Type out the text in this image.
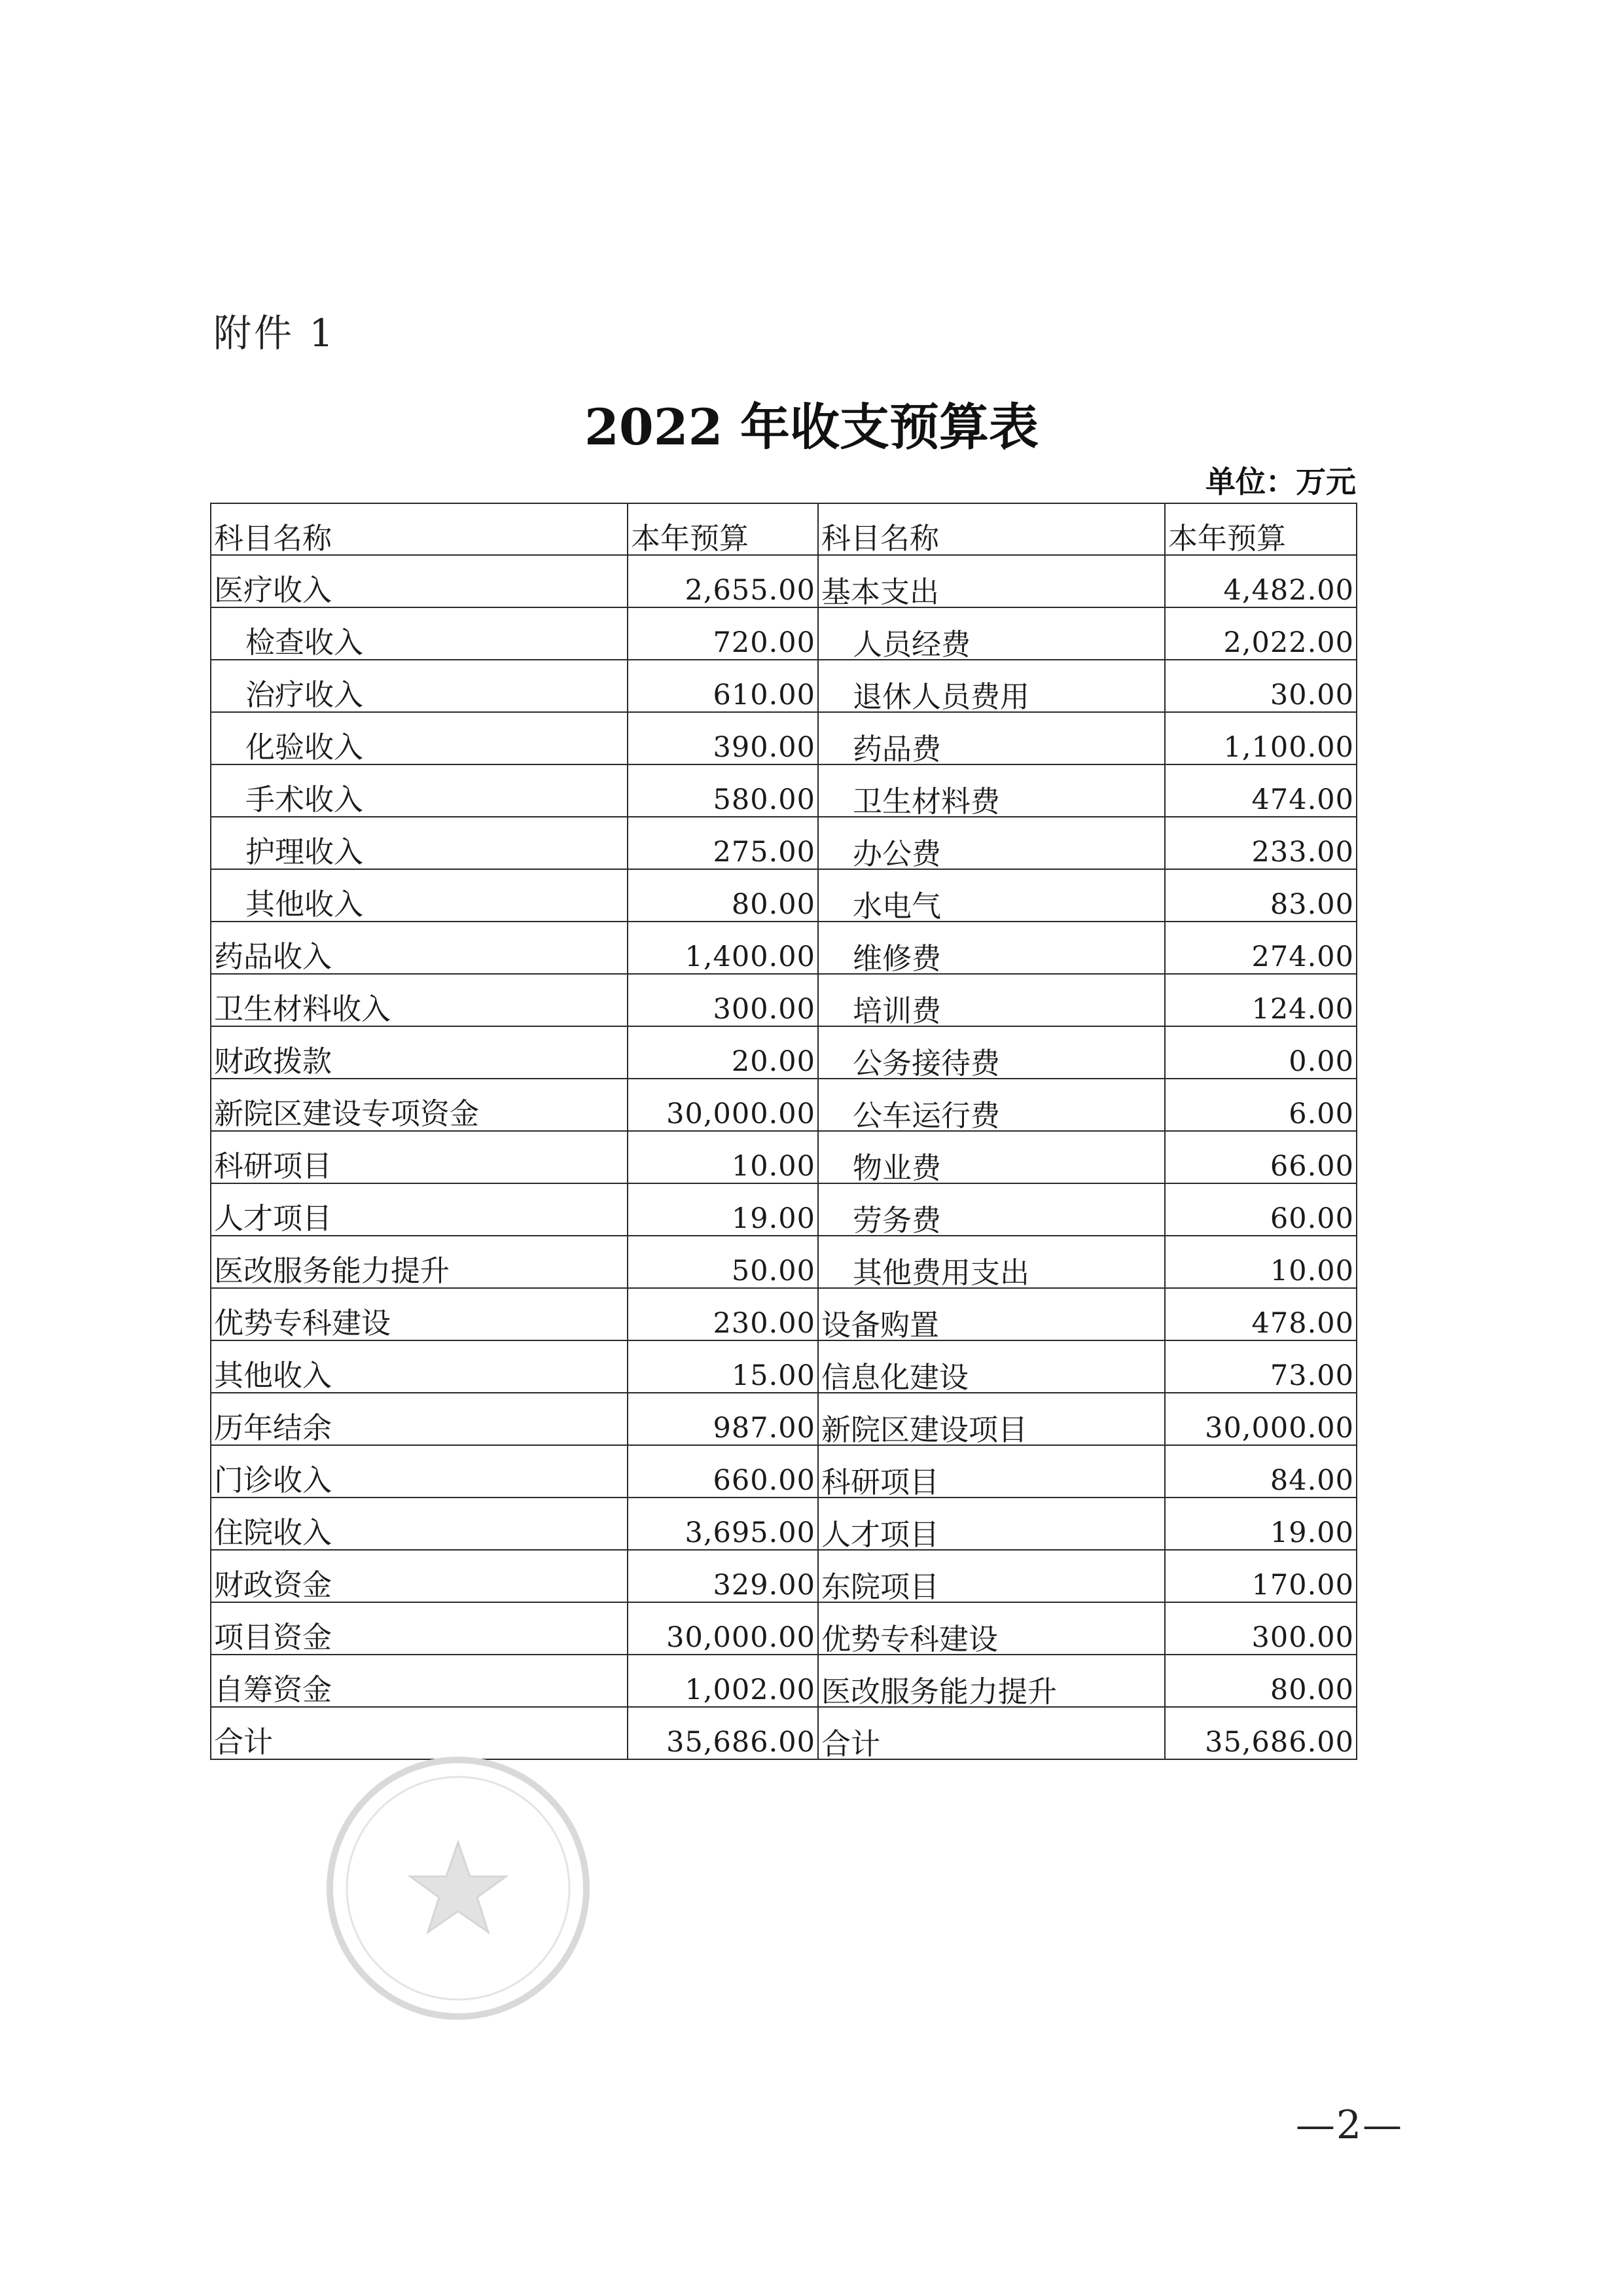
附件 1
2022 年收支预算表
单位：万元
科目名称	本年预算	科目名称	本年预算
医疗收入	2,655.00	基本支出	4,482.00
检查收入	720.00	人员经费	2,022.00
治疗收入	610.00	退休人员费用	30.00
化验收入	390.00	药品费	1,100.00
手术收入	580.00	卫生材料费	474.00
护理收入	275.00	办公费	233.00
其他收入	80.00	水电气	83.00
药品收入	1,400.00	维修费	274.00
卫生材料收入	300.00	培训费	124.00
财政拨款	20.00	公务接待费	0.00
新院区建设专项资金	30,000.00	公车运行费	6.00
科研项目	10.00	物业费	66.00
人才项目	19.00	劳务费	60.00
医改服务能力提升	50.00	其他费用支出	10.00
优势专科建设	230.00	设备购置	478.00
其他收入	15.00	信息化建设	73.00
历年结余	987.00	新院区建设项目	30,000.00
门诊收入	660.00	科研项目	84.00
住院收入	3,695.00	人才项目	19.00
财政资金	329.00	东院项目	170.00
项目资金	30,000.00	优势专科建设	300.00
自筹资金	1,002.00	医改服务能力提升	80.00
合计	35,686.00	合计	35,686.00
—2—
